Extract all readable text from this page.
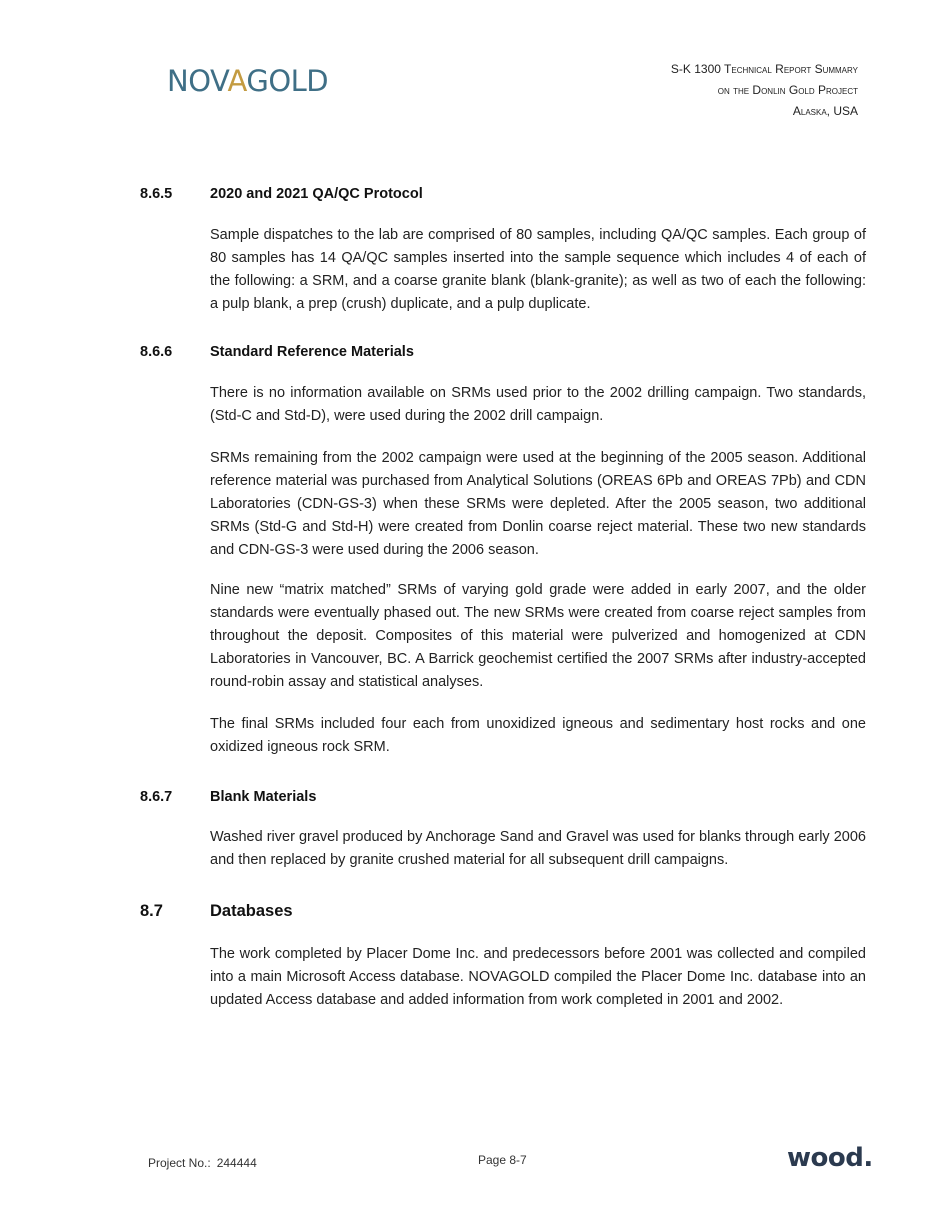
NOVAGOLD	S-K 1300 Technical Report Summary
on the Donlin Gold Project
Alaska, USA
8.6.5	2020 and 2021 QA/QC Protocol

Sample dispatches to the lab are comprised of 80 samples, including QA/QC samples. Each group of 80 samples has 14 QA/QC samples inserted into the sample sequence which includes 4 of each of the following: a SRM, and a coarse granite blank (blank-granite); as well as two of each the following: a pulp blank, a prep (crush) duplicate, and a pulp duplicate.

8.6.6	Standard Reference Materials

There is no information available on SRMs used prior to the 2002 drilling campaign. Two standards, (Std-C and Std-D), were used during the 2002 drill campaign.

SRMs remaining from the 2002 campaign were used at the beginning of the 2005 season. Additional reference material was purchased from Analytical Solutions (OREAS 6Pb and OREAS 7Pb) and CDN Laboratories (CDN-GS-3) when these SRMs were depleted. After the 2005 season, two additional SRMs (Std-G and Std-H) were created from Donlin coarse reject material. These two new standards and CDN-GS-3 were used during the 2006 season.

Nine new “matrix matched” SRMs of varying gold grade were added in early 2007, and the older standards were eventually phased out. The new SRMs were created from coarse reject samples from throughout the deposit. Composites of this material were pulverized and homogenized at CDN Laboratories in Vancouver, BC. A Barrick geochemist certified the 2007 SRMs after industry-accepted round-robin assay and statistical analyses.

The final SRMs included four each from unoxidized igneous and sedimentary host rocks and one oxidized igneous rock SRM.

8.6.7	Blank Materials

Washed river gravel produced by Anchorage Sand and Gravel was used for blanks through early 2006 and then replaced by granite crushed material for all subsequent drill campaigns.

8.7	Databases

The work completed by Placer Dome Inc. and predecessors before 2001 was collected and compiled into a main Microsoft Access database. NOVAGOLD compiled the Placer Dome Inc. database into an updated Access database and added information from work completed in 2001 and 2002.

Project No.: 244444	Page 8-7	wood.
